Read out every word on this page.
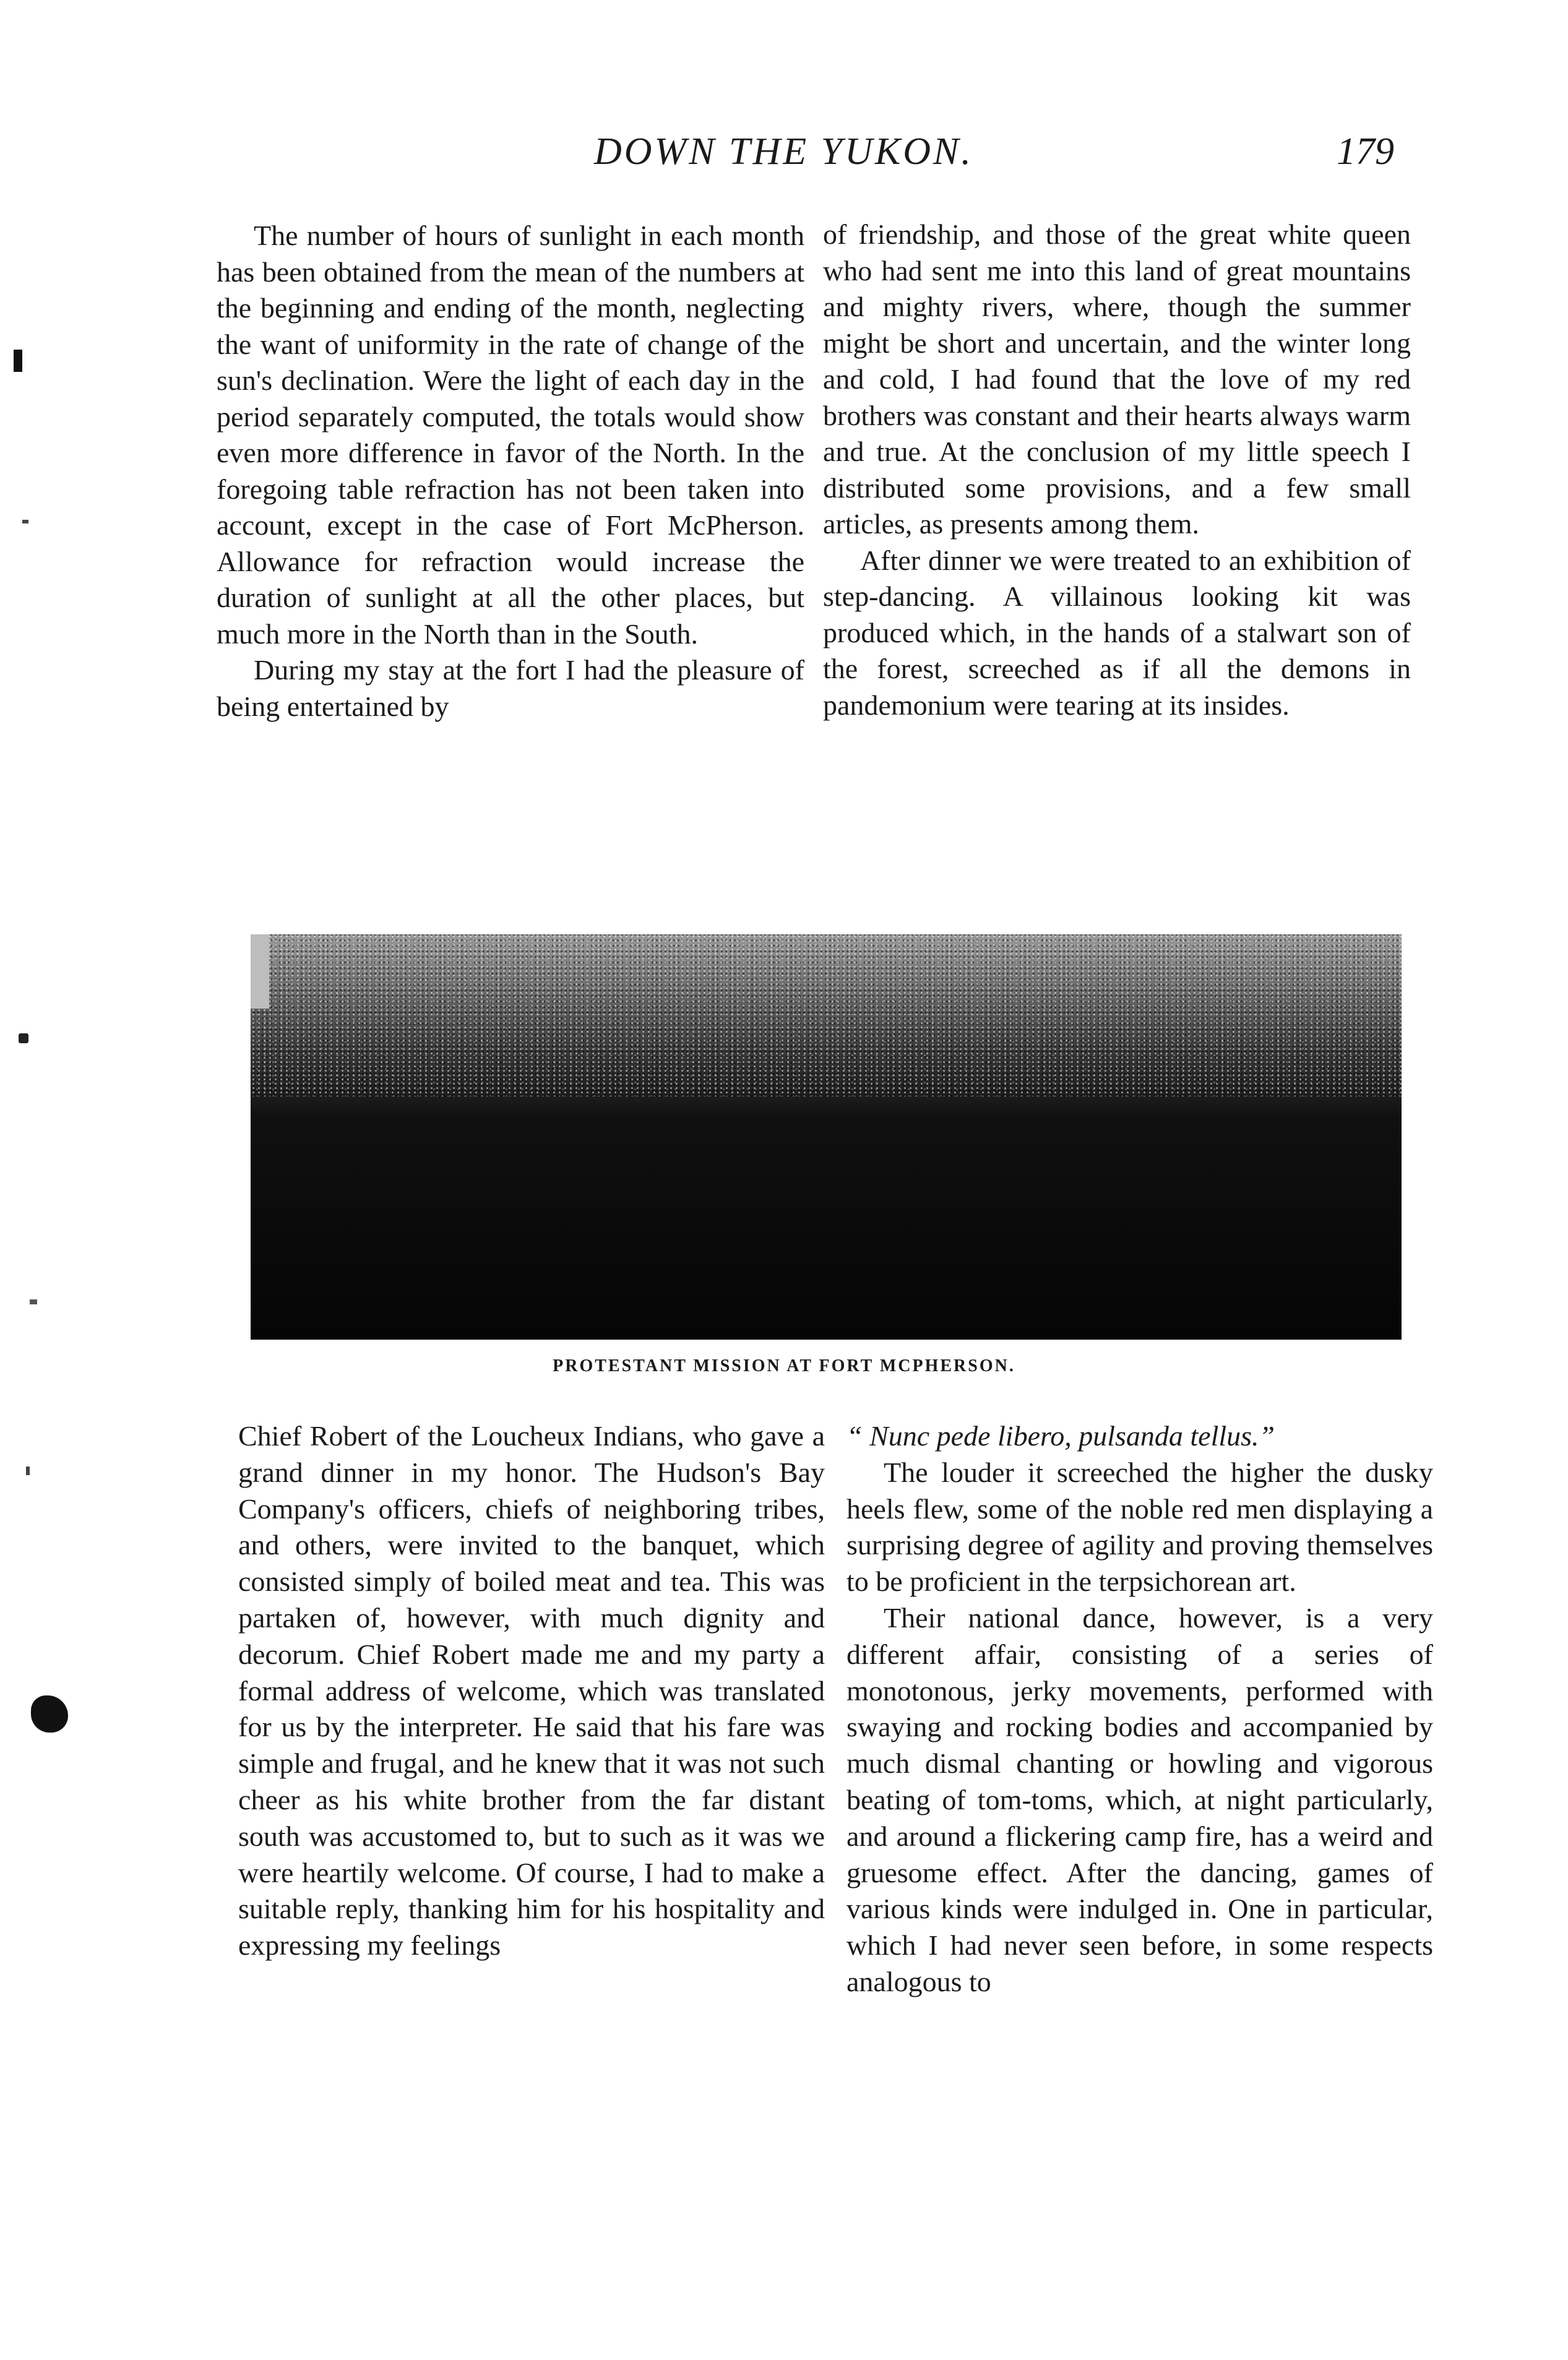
DOWN THE YUKON.	179

The number of hours of sunlight in each month has been obtained from the mean of the numbers at the beginning and ending of the month, neglecting the want of uniformity in the rate of change of the sun's declination. Were the light of each day in the period separately computed, the totals would show even more difference in favor of the North. In the foregoing table refraction has not been taken into account, except in the case of Fort McPherson. Allowance for refraction would increase the duration of sunlight at all the other places, but much more in the North than in the South.

During my stay at the fort I had the pleasure of being entertained by

of friendship, and those of the great white queen who had sent me into this land of great mountains and mighty rivers, where, though the summer might be short and uncertain, and the winter long and cold, I had found that the love of my red brothers was constant and their hearts always warm and true. At the conclusion of my little speech I distributed some provisions, and a few small articles, as presents among them.

After dinner we were treated to an exhibition of step-dancing. A villainous looking kit was produced which, in the hands of a stalwart son of the forest, screeched as if all the demons in pandemonium were tearing at its insides.

PROTESTANT MISSION AT FORT MCPHERSON.

Chief Robert of the Loucheux Indians, who gave a grand dinner in my honor. The Hudson's Bay Company's officers, chiefs of neighboring tribes, and others, were invited to the banquet, which consisted simply of boiled meat and tea. This was partaken of, however, with much dignity and decorum. Chief Robert made me and my party a formal address of welcome, which was translated for us by the interpreter. He said that his fare was simple and frugal, and he knew that it was not such cheer as his white brother from the far distant south was accustomed to, but to such as it was we were heartily welcome. Of course, I had to make a suitable reply, thanking him for his hospitality and expressing my feelings

“ Nunc pede libero, pulsanda tellus.”

The louder it screeched the higher the dusky heels flew, some of the noble red men displaying a surprising degree of agility and proving themselves to be proficient in the terpsichorean art.

Their national dance, however, is a very different affair, consisting of a series of monotonous, jerky movements, performed with swaying and rocking bodies and accompanied by much dismal chanting or howling and vigorous beating of tom-toms, which, at night particularly, and around a flickering camp fire, has a weird and gruesome effect. After the dancing, games of various kinds were indulged in. One in particular, which I had never seen before, in some respects analogous to
